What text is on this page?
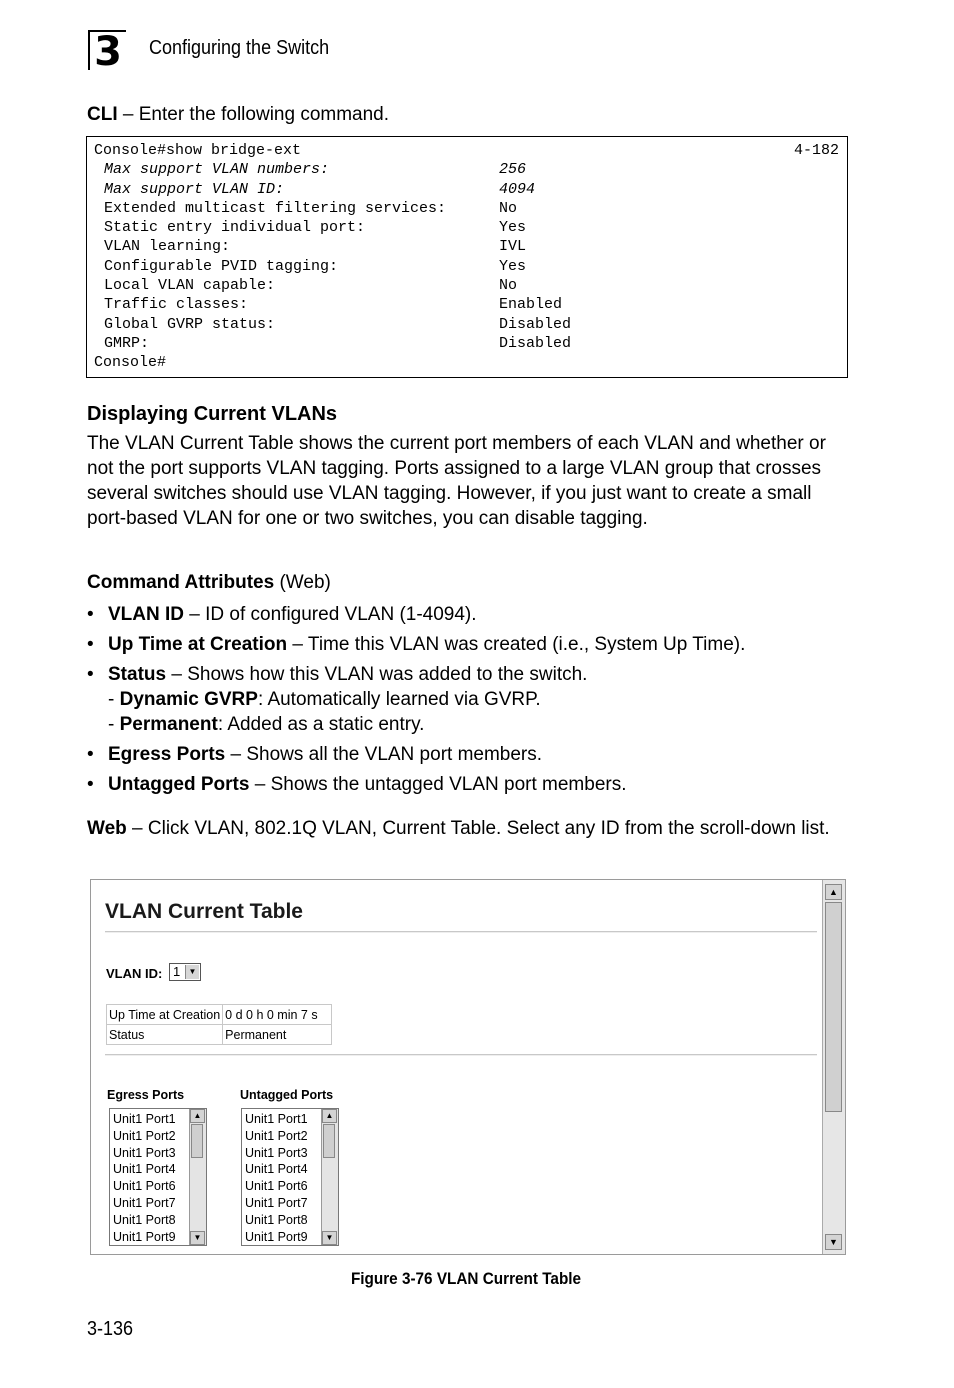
3 Configuring the Switch
CLI – Enter the following command.
Console#show bridge-ext	4-182
Max support VLAN numbers:	256
Max support VLAN ID:	4094
Extended multicast filtering services:	No
Static entry individual port:	Yes
VLAN learning:	IVL
Configurable PVID tagging:	Yes
Local VLAN capable:	No
Traffic classes:	Enabled
Global GVRP status:	Disabled
GMRP:	Disabled
Console#
Displaying Current VLANs
The VLAN Current Table shows the current port members of each VLAN and whether or not the port supports VLAN tagging. Ports assigned to a large VLAN group that crosses several switches should use VLAN tagging. However, if you just want to create a small port-based VLAN for one or two switches, you can disable tagging.
Command Attributes (Web)
• VLAN ID – ID of configured VLAN (1-4094).
• Up Time at Creation – Time this VLAN was created (i.e., System Up Time).
• Status – Shows how this VLAN was added to the switch.
- Dynamic GVRP: Automatically learned via GVRP.
- Permanent: Added as a static entry.
• Egress Ports – Shows all the VLAN port members.
• Untagged Ports – Shows the untagged VLAN port members.
Web – Click VLAN, 802.1Q VLAN, Current Table. Select any ID from the scroll-down list.
VLAN Current Table
VLAN ID: 1	▼
Up Time at Creation	0 d 0 h 0 min 7 s
Status	Permanent
Egress Ports	Untagged Ports
Unit1 Port1
Unit1 Port2
Unit1 Port3
Unit1 Port4
Unit1 Port6
Unit1 Port7
Unit1 Port8
Unit1 Port9
▲
▼
Unit1 Port1
Unit1 Port2
Unit1 Port3
Unit1 Port4
Unit1 Port6
Unit1 Port7
Unit1 Port8
Unit1 Port9
▲
▼
▲
▼
Figure 3-76 VLAN Current Table
3-136
